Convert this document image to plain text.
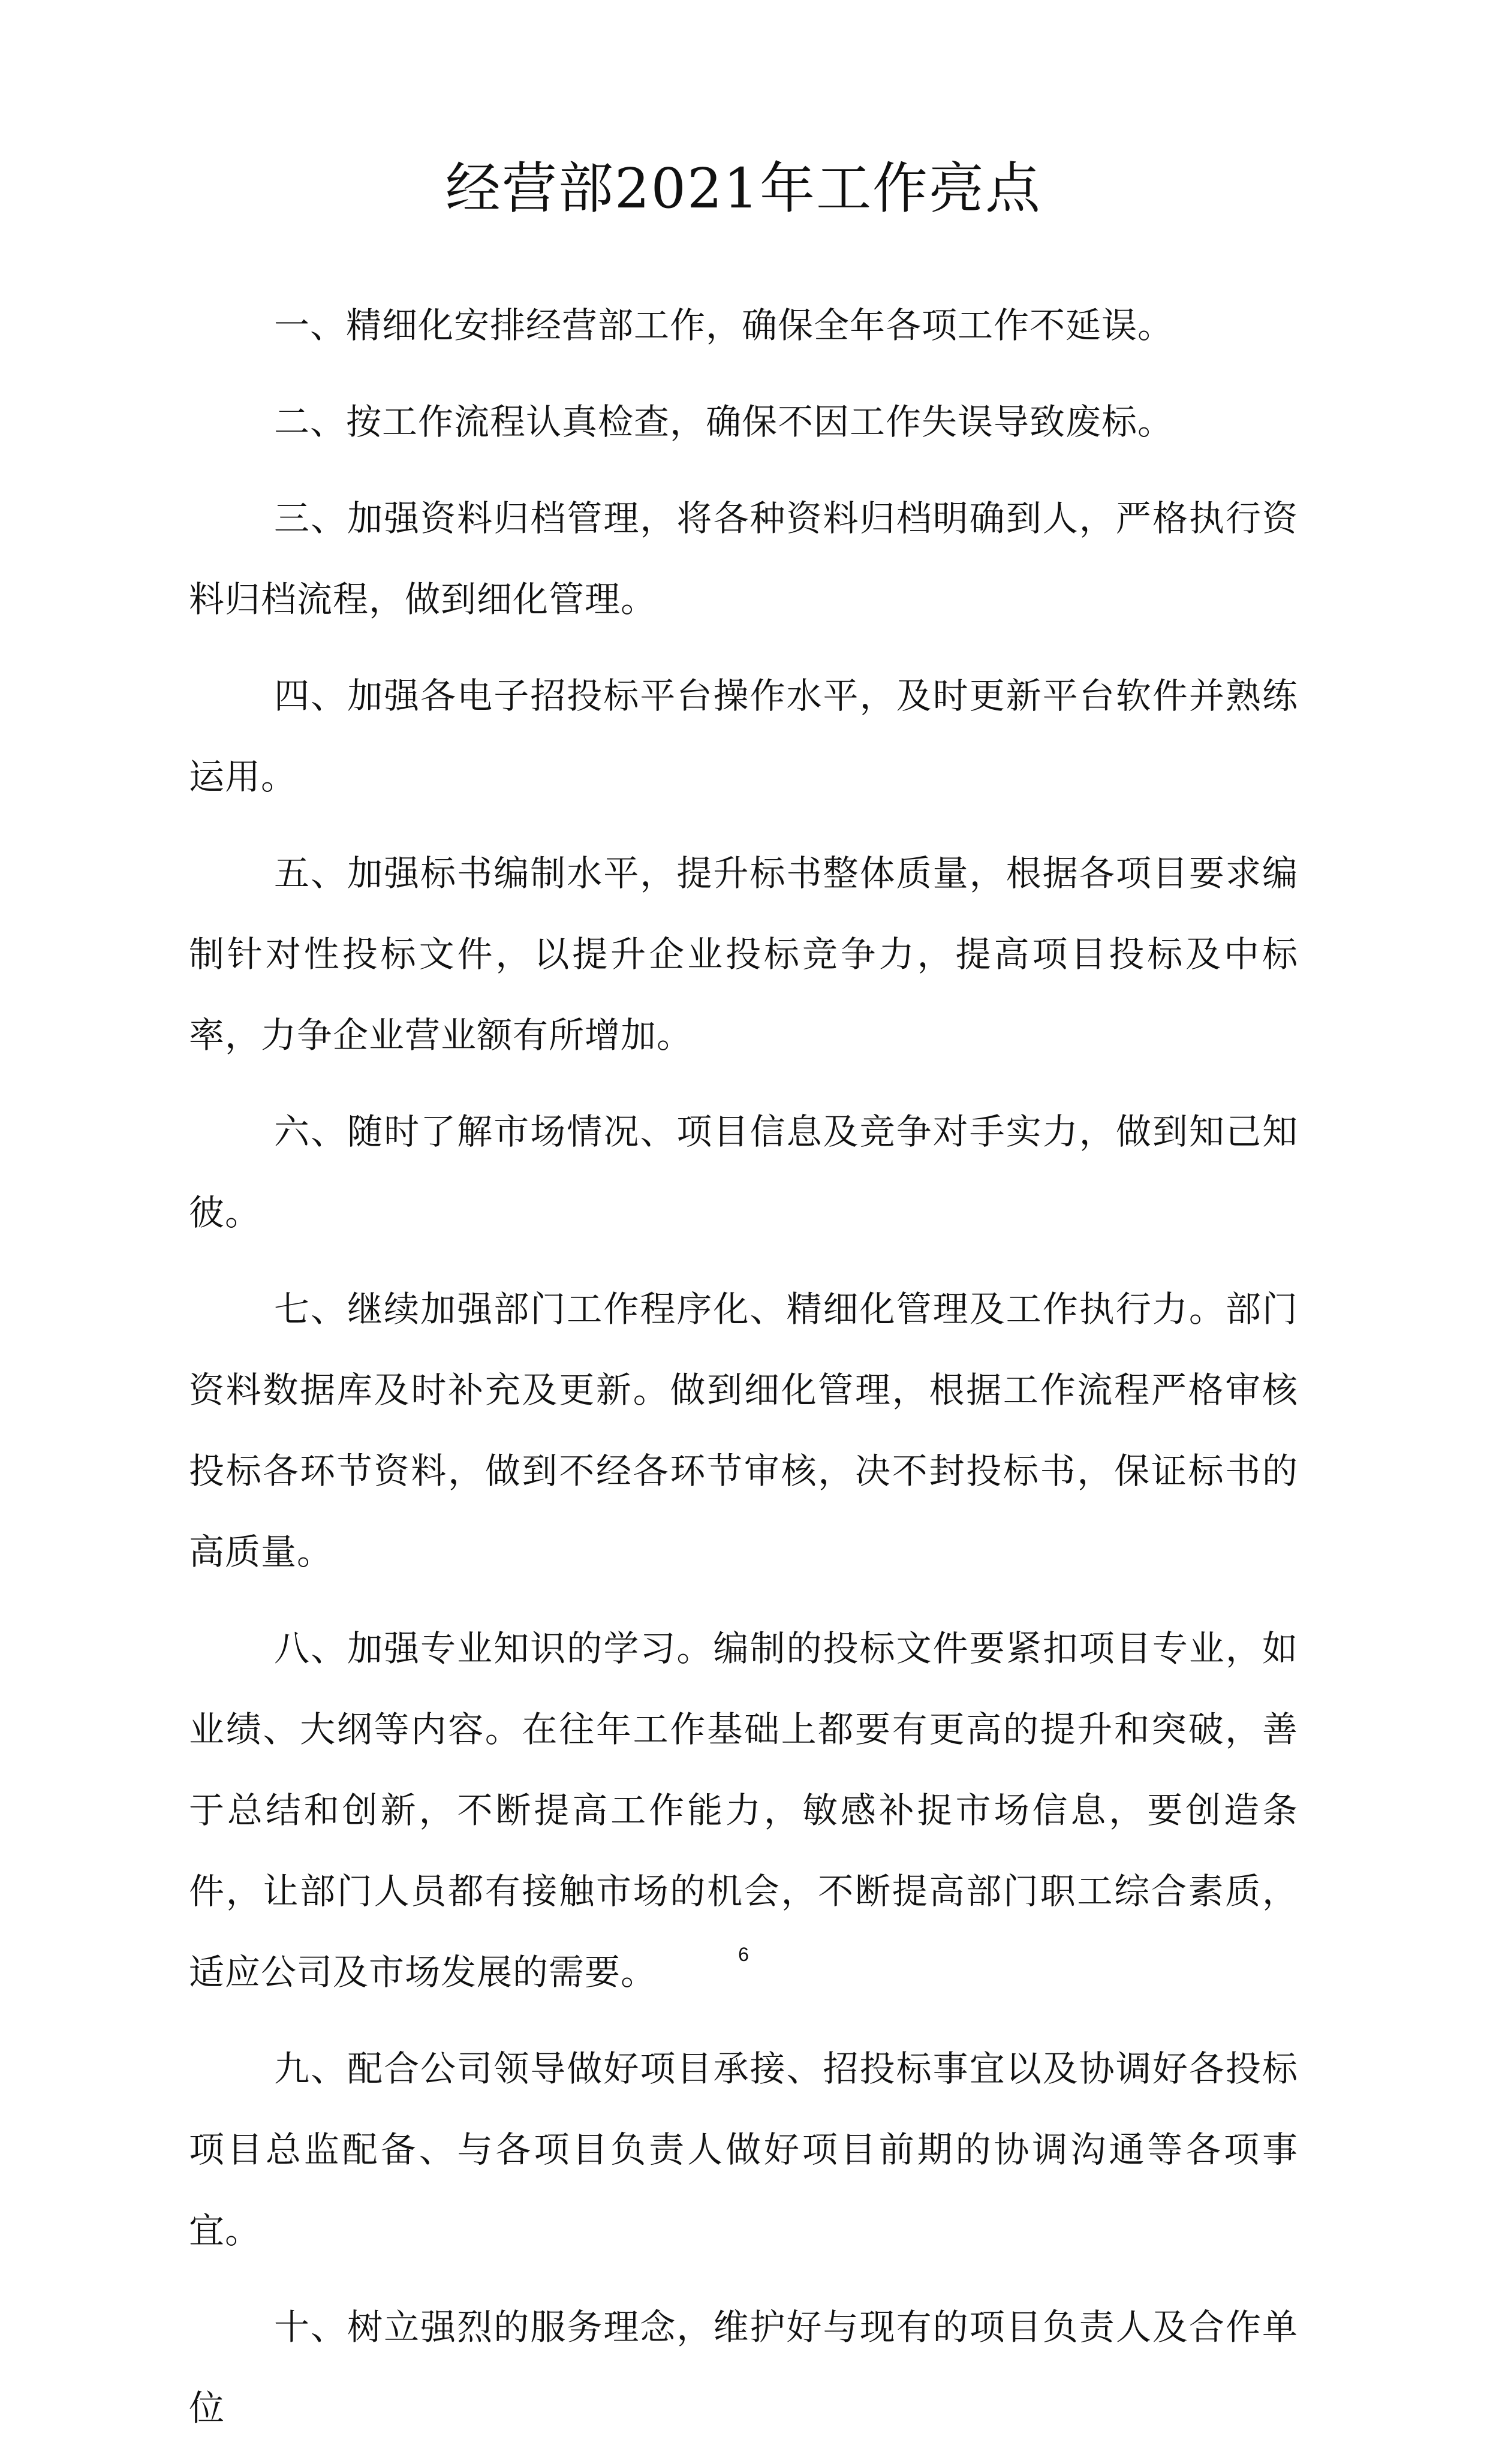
经营部2021年工作亮点

一、精细化安排经营部工作，确保全年各项工作不延误。

二、按工作流程认真检查，确保不因工作失误导致废标。

三、加强资料归档管理，将各种资料归档明确到人，严格执行资料归档流程，做到细化管理。

四、加强各电子招投标平台操作水平，及时更新平台软件并熟练运用。

五、加强标书编制水平，提升标书整体质量，根据各项目要求编制针对性投标文件，以提升企业投标竞争力，提高项目投标及中标率，力争企业营业额有所增加。

六、随时了解市场情况、项目信息及竞争对手实力，做到知己知彼。

七、继续加强部门工作程序化、精细化管理及工作执行力。部门资料数据库及时补充及更新。做到细化管理，根据工作流程严格审核投标各环节资料，做到不经各环节审核，决不封投标书，保证标书的高质量。

八、加强专业知识的学习。编制的投标文件要紧扣项目专业，如业绩、大纲等内容。在往年工作基础上都要有更高的提升和突破，善于总结和创新，不断提高工作能力，敏感补捉市场信息，要创造条件，让部门人员都有接触市场的机会，不断提高部门职工综合素质，适应公司及市场发展的需要。

九、配合公司领导做好项目承接、招投标事宜以及协调好各投标项目总监配备、与各项目负责人做好项目前期的协调沟通等各项事宜。

十、树立强烈的服务理念，维护好与现有的项目负责人及合作单位

6
